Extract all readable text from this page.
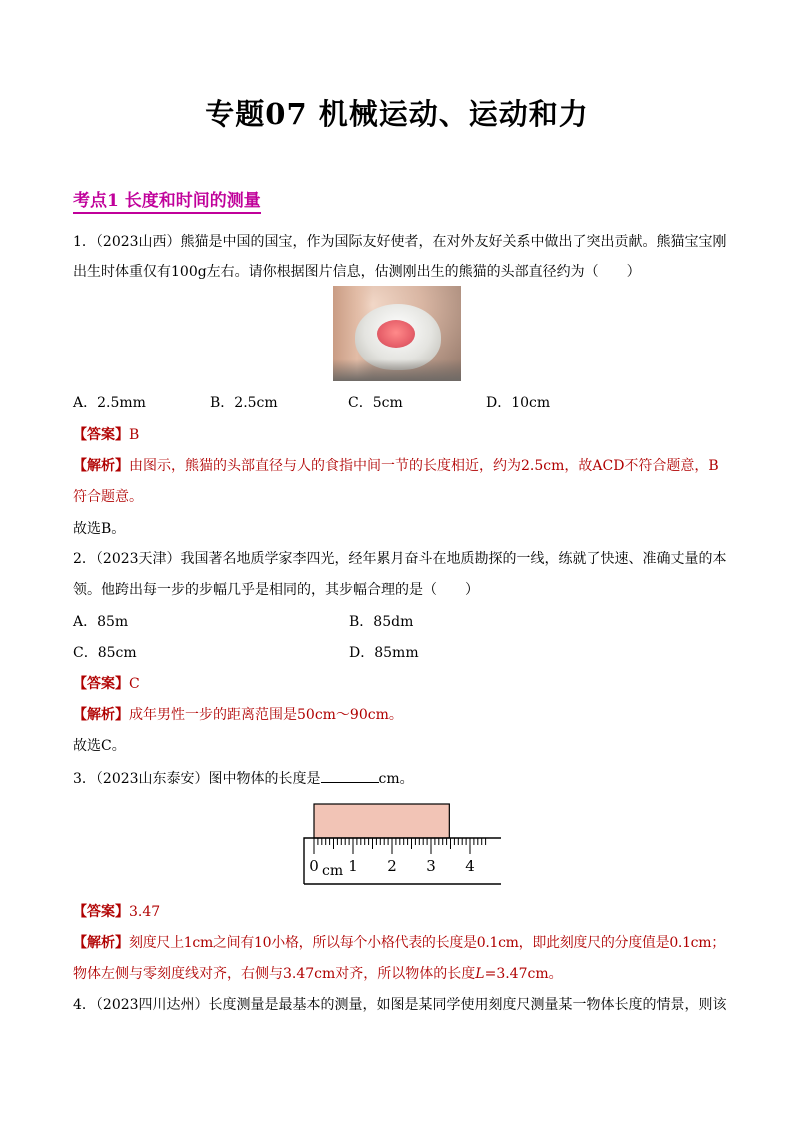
专题07 机械运动、运动和力
考点1 长度和时间的测量
1．（2023山西）熊猫是中国的国宝，作为国际友好使者，在对外友好关系中做出了突出贡献。熊猫宝宝刚
出生时体重仅有100g左右。请你根据图片信息，估测刚出生的熊猫的头部直径约为（　　）
A．2.5mm	B．2.5cm	C．5cm	D．10cm
【答案】B
【解析】由图示，熊猫的头部直径与人的食指中间一节的长度相近，约为2.5cm，故ACD不符合题意，B
符合题意。
故选B。
2．（2023天津）我国著名地质学家李四光，经年累月奋斗在地质勘探的一线，练就了快速、准确丈量的本
领。他跨出每一步的步幅几乎是相同的，其步幅合理的是（　　）
A．85m	B．85dm
C．85cm	D．85mm
【答案】C
【解析】成年男性一步的距离范围是50cm～90cm。
故选C。
3．（2023山东泰安）图中物体的长度是	cm。
0 1 2 3 4
cm
【答案】3.47
【解析】刻度尺上1cm之间有10小格，所以每个小格代表的长度是0.1cm，即此刻度尺的分度值是0.1cm；
物体左侧与零刻度线对齐，右侧与3.47cm对齐，所以物体的长度L=3.47cm。
4．（2023四川达州）长度测量是最基本的测量，如图是某同学使用刻度尺测量某一物体长度的情景，则该
